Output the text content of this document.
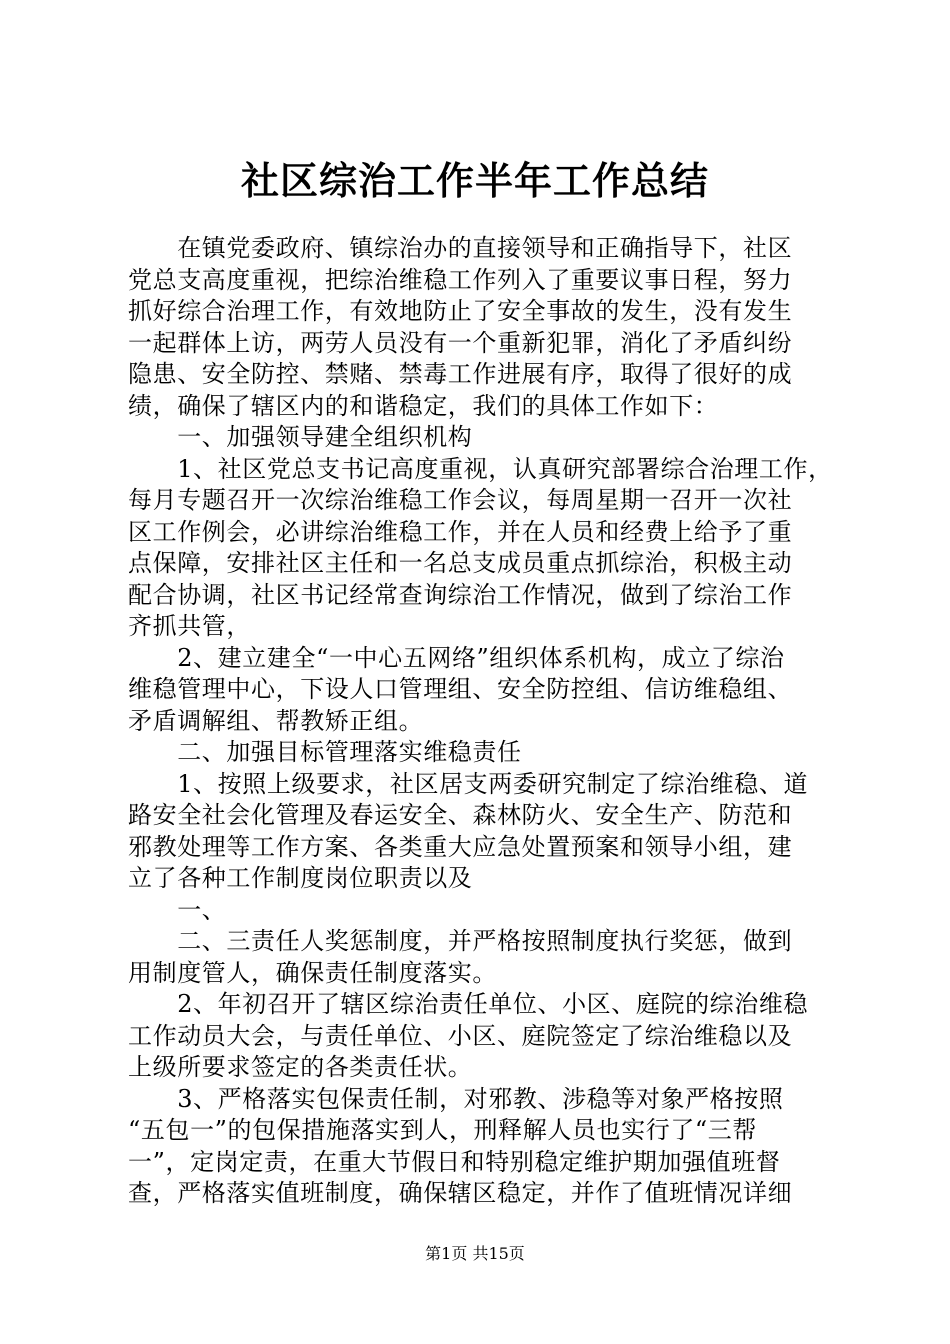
社区综治工作半年工作总结
　　在镇党委政府、镇综治办的直接领导和正确指导下，社区
党总支高度重视，把综治维稳工作列入了重要议事日程，努力
抓好综合治理工作，有效地防止了安全事故的发生，没有发生
一起群体上访，两劳人员没有一个重新犯罪，消化了矛盾纠纷
隐患、安全防控、禁赌、禁毒工作进展有序，取得了很好的成
绩，确保了辖区内的和谐稳定，我们的具体工作如下：
　　一、加强领导建全组织机构
　　1、社区党总支书记高度重视，认真研究部署综合治理工作，
每月专题召开一次综治维稳工作会议，每周星期一召开一次社
区工作例会，必讲综治维稳工作，并在人员和经费上给予了重
点保障，安排社区主任和一名总支成员重点抓综治，积极主动
配合协调，社区书记经常查询综治工作情况，做到了综治工作
齐抓共管，
　　2、建立建全“一中心五网络”组织体系机构，成立了综治
维稳管理中心，下设人口管理组、安全防控组、信访维稳组、
矛盾调解组、帮教矫正组。
　　二、加强目标管理落实维稳责任
　　1、按照上级要求，社区居支两委研究制定了综治维稳、道
路安全社会化管理及春运安全、森林防火、安全生产、防范和
邪教处理等工作方案、各类重大应急处置预案和领导小组，建
立了各种工作制度岗位职责以及
　　一、
　　二、三责任人奖惩制度，并严格按照制度执行奖惩，做到
用制度管人，确保责任制度落实。
　　2、年初召开了辖区综治责任单位、小区、庭院的综治维稳
工作动员大会，与责任单位、小区、庭院签定了综治维稳以及
上级所要求签定的各类责任状。
　　3、严格落实包保责任制，对邪教、涉稳等对象严格按照
“五包一”的包保措施落实到人，刑释解人员也实行了“三帮
一”，定岗定责，在重大节假日和特别稳定维护期加强值班督
查，严格落实值班制度，确保辖区稳定，并作了值班情况详细
第1页 共15页
